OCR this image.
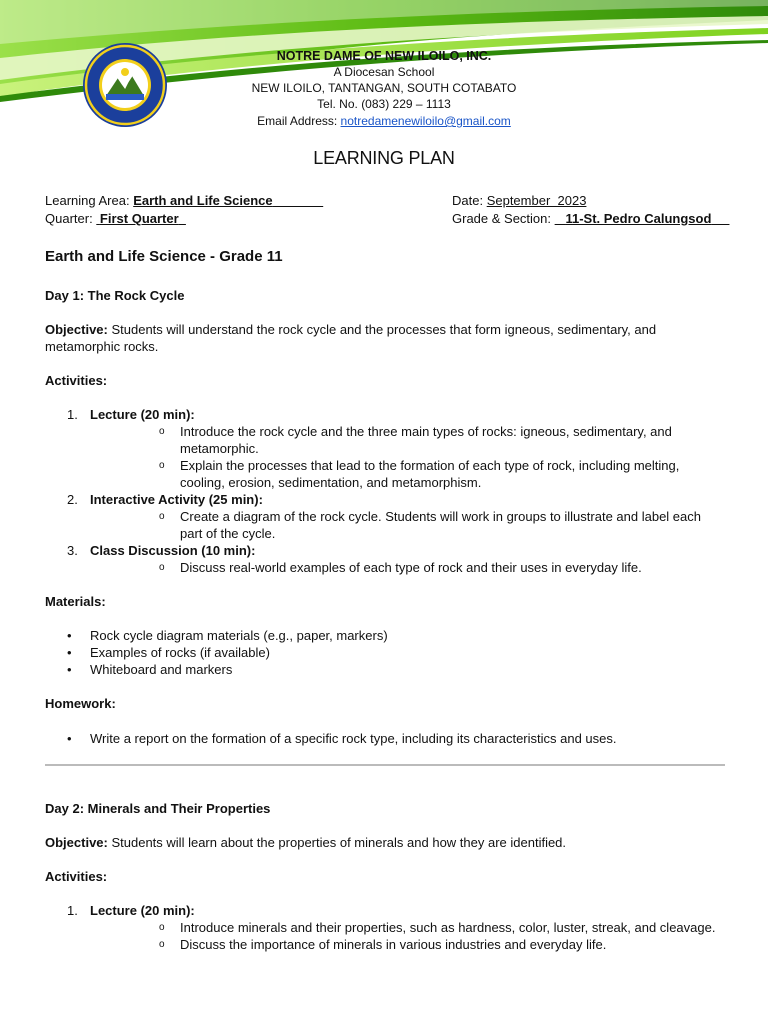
NOTRE DAME OF NEW ILOILO, INC.
A Diocesan School
NEW ILOILO, TANTANGAN, SOUTH COTABATO
Tel. No. (083) 229 – 1113
Email Address: notredamenewiloilo@gmail.com
LEARNING PLAN
Learning Area: Earth and Life Science
Quarter:  First Quarter
Date: September  2023
Grade & Section:    11-St. Pedro Calungsod
Earth and Life Science - Grade 11
Day 1: The Rock Cycle

Objective: Students will understand the rock cycle and the processes that form igneous, sedimentary, and metamorphic rocks.

Activities:
1. Lecture (20 min):
o Introduce the rock cycle and the three main types of rocks: igneous, sedimentary, and metamorphic.
o Explain the processes that lead to the formation of each type of rock, including melting, cooling, erosion, sedimentation, and metamorphism.
2. Interactive Activity (25 min):
o Create a diagram of the rock cycle. Students will work in groups to illustrate and label each part of the cycle.
3. Class Discussion (10 min):
o Discuss real-world examples of each type of rock and their uses in everyday life.
Materials:
• Rock cycle diagram materials (e.g., paper, markers)
• Examples of rocks (if available)
• Whiteboard and markers
Homework:
• Write a report on the formation of a specific rock type, including its characteristics and uses.
Day 2: Minerals and Their Properties

Objective: Students will learn about the properties of minerals and how they are identified.

Activities:
1. Lecture (20 min):
o Introduce minerals and their properties, such as hardness, color, luster, streak, and cleavage.
o Discuss the importance of minerals in various industries and everyday life.
